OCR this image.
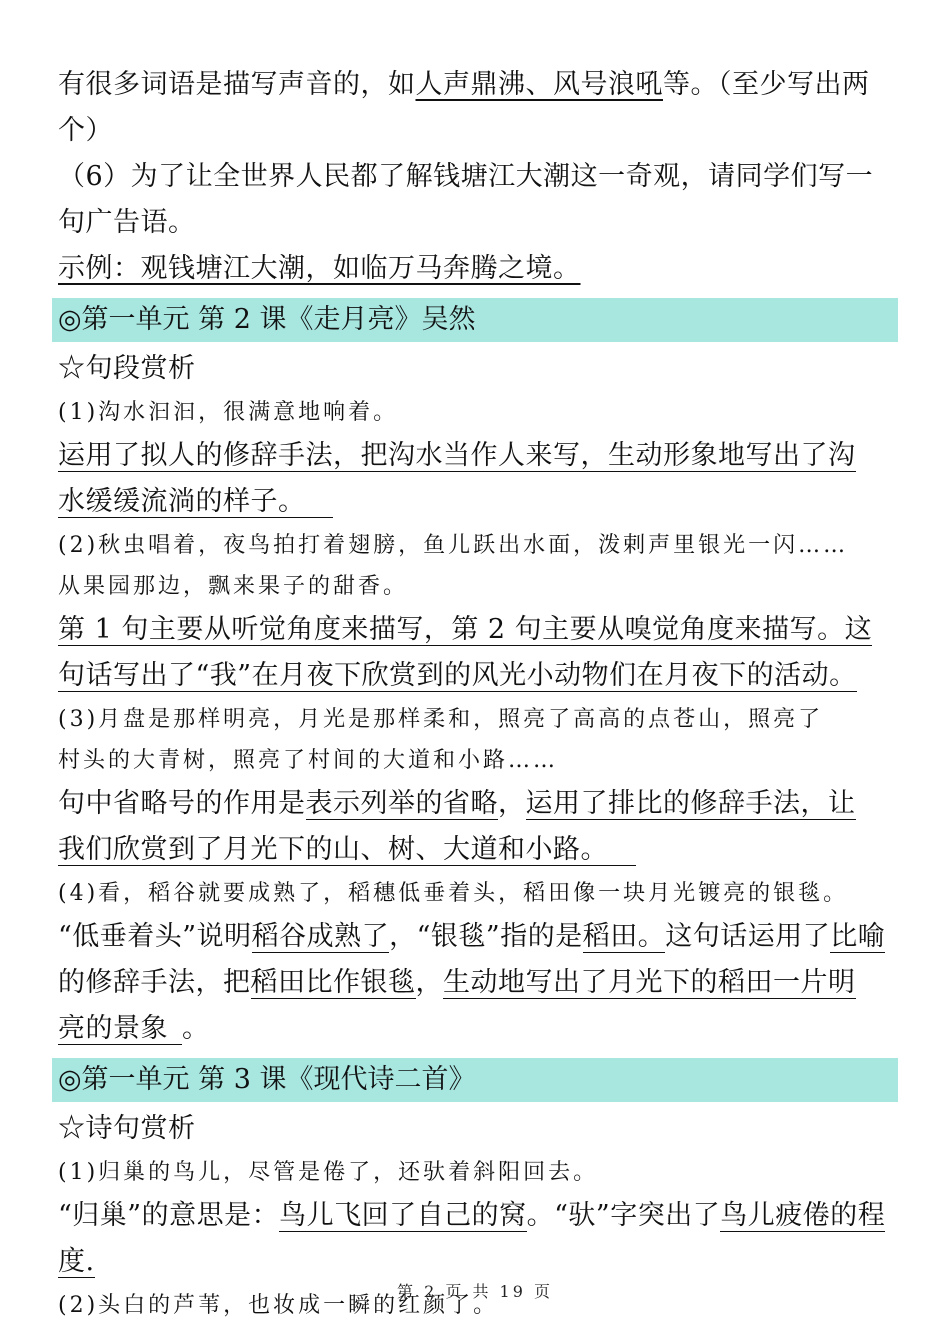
有很多词语是描写声音的，如人声鼎沸、风号浪吼等。（至少写出两

个）

（6）为了让全世界人民都了解钱塘江大潮这一奇观，请同学们写一

句广告语。

示例：观钱塘江大潮，如临万马奔腾之境。 

◎第一单元 第 2 课《走月亮》吴然

☆句段赏析

(1)沟水汩汩，很满意地响着。

运用了拟人的修辞手法，把沟水当作人来写，生动形象地写出了沟

水缓缓流淌的样子。 

(2)秋虫唱着，夜鸟拍打着翅膀，鱼儿跃出水面，泼剌声里银光一闪……

从果园那边，飘来果子的甜香。

第 1 句主要从听觉角度来描写，第 2 句主要从嗅觉角度来描写。这

句话写出了“我”在月夜下欣赏到的风光小动物们在月夜下的活动。

(3)月盘是那样明亮，月光是那样柔和，照亮了高高的点苍山，照亮了

村头的大青树，照亮了村间的大道和小路……

句中省略号的作用是表示列举的省略，运用了排比的修辞手法，让

我们欣赏到了月光下的山、树、大道和小路。 

(4)看，稻谷就要成熟了，稻穗低垂着头，稻田像一块月光镀亮的银毯。

“低垂着头”说明稻谷成熟了，“银毯”指的是稻田。这句话运用了比喻

的修辞手法，把稻田比作银毯，生动地写出了月光下的稻田一片明

亮的景象  。

◎第一单元 第 3 课《现代诗二首》

☆诗句赏析

(1)归巢的鸟儿，尽管是倦了，还驮着斜阳回去。

“归巢”的意思是：鸟儿飞回了自己的窝。“驮”字突出了鸟儿疲倦的程

度.

(2)头白的芦苇，也妆成一瞬的红颜了。

第 2 页 共 19 页
